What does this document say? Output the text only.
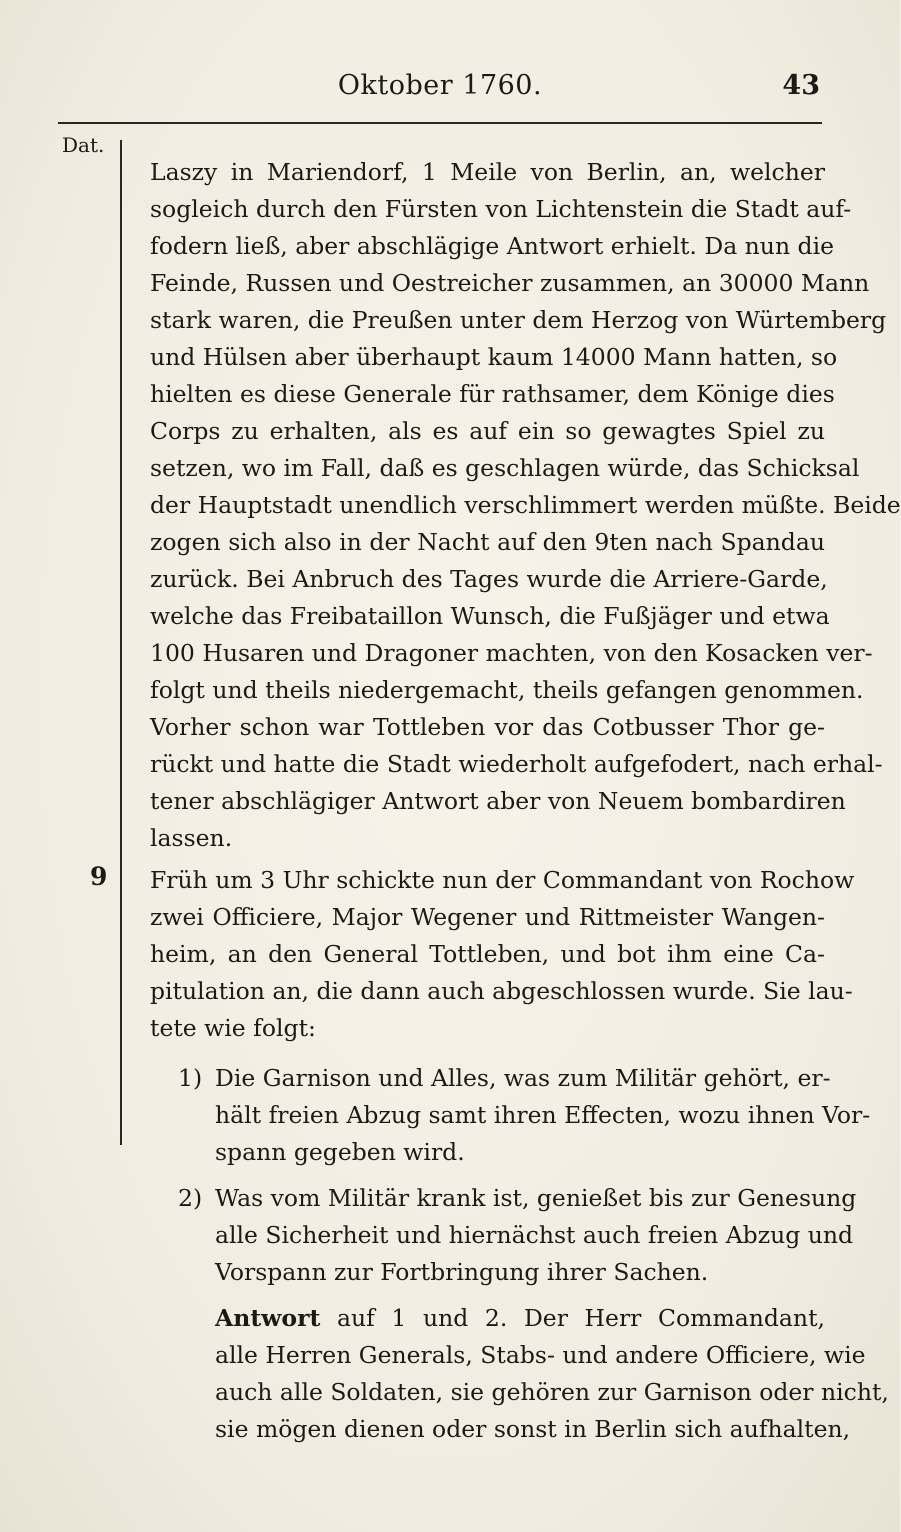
Oktober 1760.	43
Dat.
Laszy in Mariendorf, 1 Meile von Berlin, an, welcher
sogleich durch den Fürsten von Lichtenstein die Stadt auf-
fodern ließ, aber abschlägige Antwort erhielt. Da nun die
Feinde, Russen und Oestreicher zusammen, an 30000 Mann
stark waren, die Preußen unter dem Herzog von Würtemberg
und Hülsen aber überhaupt kaum 14000 Mann hatten, so
hielten es diese Generale für rathsamer, dem Könige dies
Corps zu erhalten, als es auf ein so gewagtes Spiel zu
setzen, wo im Fall, daß es geschlagen würde, das Schicksal
der Hauptstadt unendlich verschlimmert werden müßte. Beide
zogen sich also in der Nacht auf den 9ten nach Spandau
zurück. Bei Anbruch des Tages wurde die Arriere-Garde,
welche das Freibataillon Wunsch, die Fußjäger und etwa
100 Husaren und Dragoner machten, von den Kosacken ver-
folgt und theils niedergemacht, theils gefangen genommen.
Vorher schon war Tottleben vor das Cotbusser Thor ge-
rückt und hatte die Stadt wiederholt aufgefodert, nach erhal-
tener abschlägiger Antwort aber von Neuem bombardiren
lassen.
9 Früh um 3 Uhr schickte nun der Commandant von Rochow
zwei Officiere, Major Wegener und Rittmeister Wangen-
heim, an den General Tottleben, und bot ihm eine Ca-
pitulation an, die dann auch abgeschlossen wurde. Sie lau-
tete wie folgt:
1) Die Garnison und Alles, was zum Militär gehört, er-
hält freien Abzug samt ihren Effecten, wozu ihnen Vor-
spann gegeben wird.
2) Was vom Militär krank ist, genießet bis zur Genesung
alle Sicherheit und hiernächst auch freien Abzug und
Vorspann zur Fortbringung ihrer Sachen.
Antwort auf 1 und 2. Der Herr Commandant,
alle Herren Generals, Stabs- und andere Officiere, wie
auch alle Soldaten, sie gehören zur Garnison oder nicht,
sie mögen dienen oder sonst in Berlin sich aufhalten,
